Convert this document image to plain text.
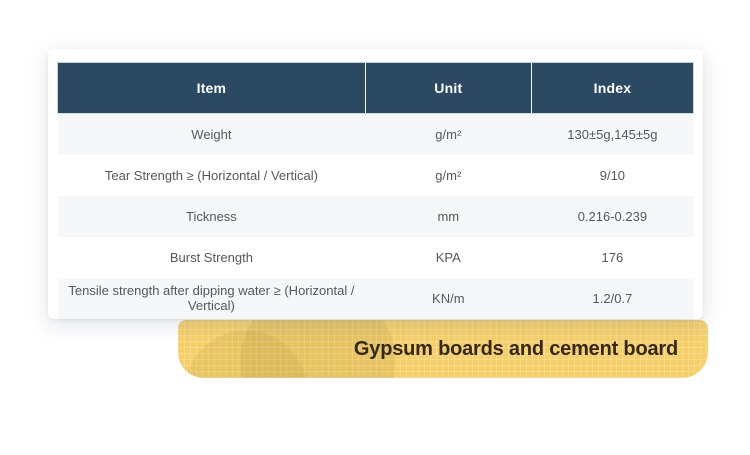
Gypsum boards and cement board
Item	Unit	Index
Weight	g/m²	130±5g,145±5g
Tear Strength ≥ (Horizontal / Vertical)	g/m²	9/10
Tickness	mm	0.216-0.239
Burst Strength	KPA	176
Tensile strength after dipping water ≥ (Horizontal / Vertical)	KN/m	1.2/0.7
